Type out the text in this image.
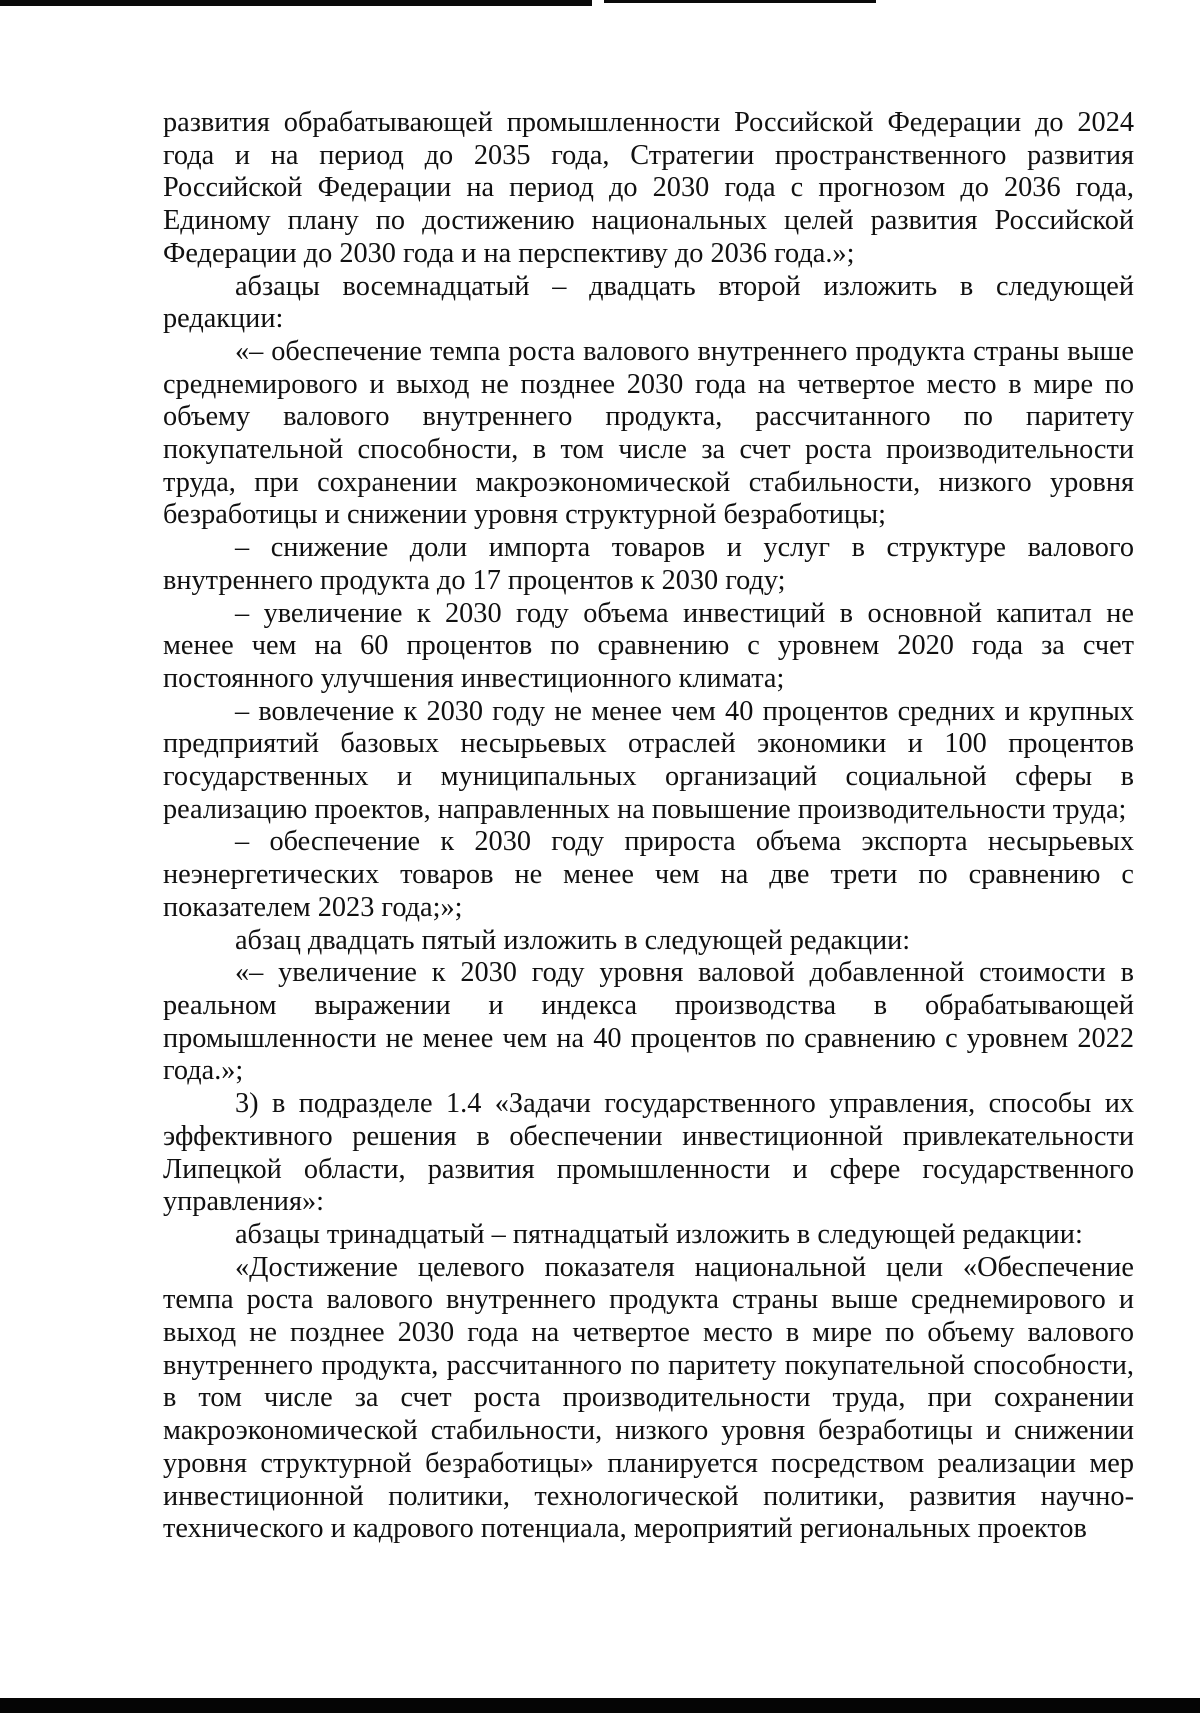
развития обрабатывающей промышленности Российской Федерации до 2024 года и на период до 2035 года, Стратегии пространственного развития Российской Федерации на период до 2030 года с прогнозом до 2036 года, Единому плану по достижению национальных целей развития Российской Федерации до 2030 года и на перспективу до 2036 года.»;

абзацы восемнадцатый – двадцать второй изложить в следующей редакции:

«– обеспечение темпа роста валового внутреннего продукта страны выше среднемирового и выход не позднее 2030 года на четвертое место в мире по объему валового внутреннего продукта, рассчитанного по паритету покупательной способности, в том числе за счет роста производительности труда, при сохранении макроэкономической стабильности, низкого уровня безработицы и снижении уровня структурной безработицы;

– снижение доли импорта товаров и услуг в структуре валового внутреннего продукта до 17 процентов к 2030 году;

– увеличение к 2030 году объема инвестиций в основной капитал не менее чем на 60 процентов по сравнению с уровнем 2020 года за счет постоянного улучшения инвестиционного климата;

– вовлечение к 2030 году не менее чем 40 процентов средних и крупных предприятий базовых несырьевых отраслей экономики и 100 процентов государственных и муниципальных организаций социальной сферы в реализацию проектов, направленных на повышение производительности труда;

– обеспечение к 2030 году прироста объема экспорта несырьевых неэнергетических товаров не менее чем на две трети по сравнению с показателем 2023 года;»;

абзац двадцать пятый изложить в следующей редакции:

«– увеличение к 2030 году уровня валовой добавленной стоимости в реальном выражении и индекса производства в обрабатывающей промышленности не менее чем на 40 процентов по сравнению с уровнем 2022 года.»;

3) в подразделе 1.4 «Задачи государственного управления, способы их эффективного решения в обеспечении инвестиционной привлекательности Липецкой области, развития промышленности и сфере государственного управления»:

абзацы тринадцатый – пятнадцатый изложить в следующей редакции:

«Достижение целевого показателя национальной цели «Обеспечение темпа роста валового внутреннего продукта страны выше среднемирового и выход не позднее 2030 года на четвертое место в мире по объему валового внутреннего продукта, рассчитанного по паритету покупательной способности, в том числе за счет роста производительности труда, при сохранении макроэкономической стабильности, низкого уровня безработицы и снижении уровня структурной безработицы» планируется посредством реализации мер инвестиционной политики, технологической политики, развития научно-технического и кадрового потенциала, мероприятий региональных проектов
